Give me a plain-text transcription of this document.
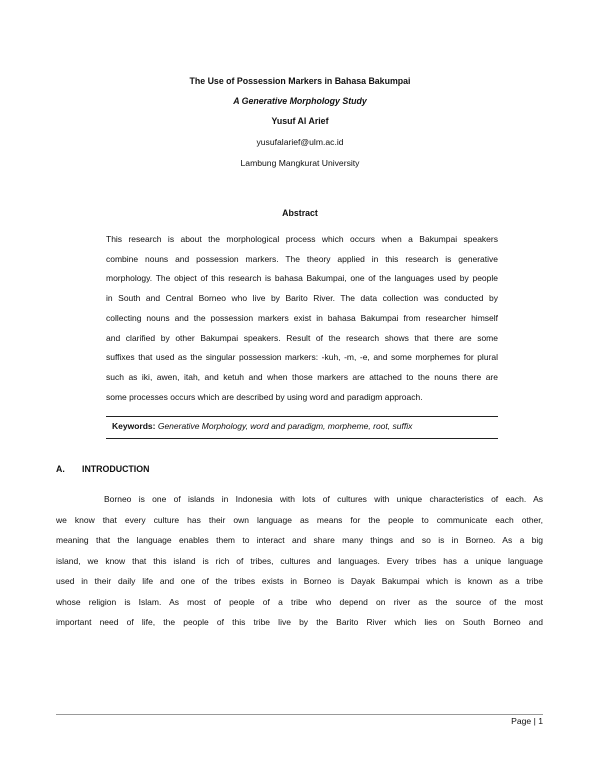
The Use of Possession Markers in Bahasa Bakumpai
A Generative Morphology Study
Yusuf Al Arief
yusufalarief@ulm.ac.id
Lambung Mangkurat University
Abstract
This research is about the morphological process which occurs when a Bakumpai speakers
combine nouns and possession markers. The theory applied in this research is generative
morphology. The object of this research is bahasa Bakumpai, one of the languages used by people
in South and Central Borneo who live by Barito River. The data collection was conducted by
collecting nouns and the possession markers exist in bahasa Bakumpai from researcher himself
and clarified by other Bakumpai speakers. Result of the research shows that there are some
suffixes that used as the singular possession markers: -kuh, -m, -e, and some morphemes for plural
such as iki, awen, itah, and ketuh and when those markers are attached to the nouns there are
some processes occurs which are described by using word and paradigm approach.
Keywords: Generative Morphology, word and paradigm, morpheme, root, suffix
A. INTRODUCTION
Borneo is one of islands in Indonesia with lots of cultures with unique characteristics of each. As
we know that every culture has their own language as means for the people to communicate each other,
meaning that the language enables them to interact and share many things and so is in Borneo. As a big
island, we know that this island is rich of tribes, cultures and languages. Every tribes has a unique language
used in their daily life and one of the tribes exists in Borneo is Dayak Bakumpai which is known as a tribe
whose religion is Islam. As most of people of a tribe who depend on river as the source of the most
important need of life, the people of this tribe live by the Barito River which lies on South Borneo and
Page | 1
